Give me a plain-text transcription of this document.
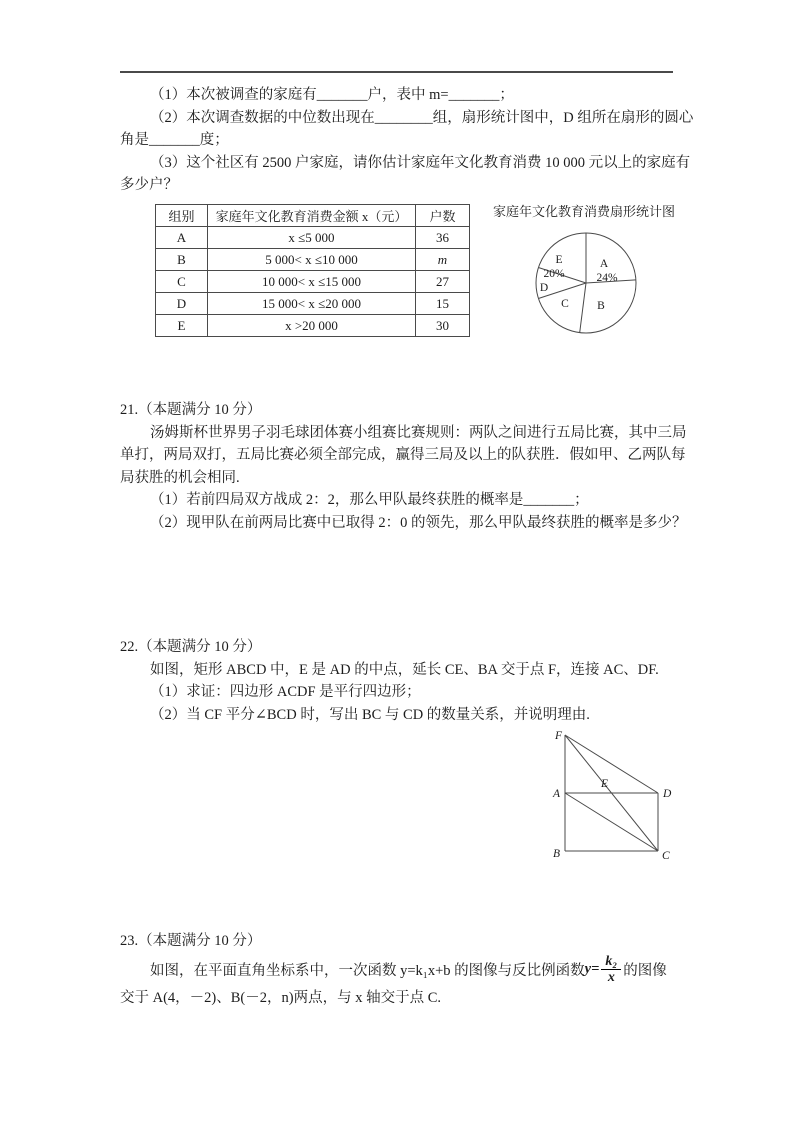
（1）本次被调查的家庭有_______户，表中 m=_______；
（2）本次调查数据的中位数出现在________组，扇形统计图中，D 组所在扇形的圆心
角是_______度；
（3）这个社区有 2500 户家庭，请你估计家庭年文化教育消费 10 000 元以上的家庭有
多少户？
组别	家庭年文化教育消费金额 x（元）	户数
A	x ≤5 000	36
B	5 000< x ≤10 000	m
C	10 000< x ≤15 000	27
D	15 000< x ≤20 000	15
E	x >20 000	30
家庭年文化教育消费扇形统计图
A
24%
B
C
D
E
20%
21.（本题满分 10 分）
汤姆斯杯世界男子羽毛球团体赛小组赛比赛规则：两队之间进行五局比赛，其中三局
单打，两局双打，五局比赛必须全部完成，赢得三局及以上的队获胜．假如甲、乙两队每
局获胜的机会相同.
（1）若前四局双方战成 2：2，那么甲队最终获胜的概率是_______；
（2）现甲队在前两局比赛中已取得 2：0 的领先，那么甲队最终获胜的概率是多少？
22.（本题满分 10 分）
如图，矩形 ABCD 中，E 是 AD 的中点，延长 CE、BA 交于点 F，连接 AC、DF.
（1）求证：四边形 ACDF 是平行四边形；
（2）当 CF 平分∠BCD 时，写出 BC 与 CD 的数量关系，并说明理由.
F
A
E
D
B	C
23.（本题满分 10 分）
如图，在平面直角坐标系中，一次函数 y=k₁x+b 的图像与反比例函数 $y= \frac{\text{k₂}}{x}$ 的图像
交于 A(4，－2)、B(－2，n)两点，与 x 轴交于点 C.
